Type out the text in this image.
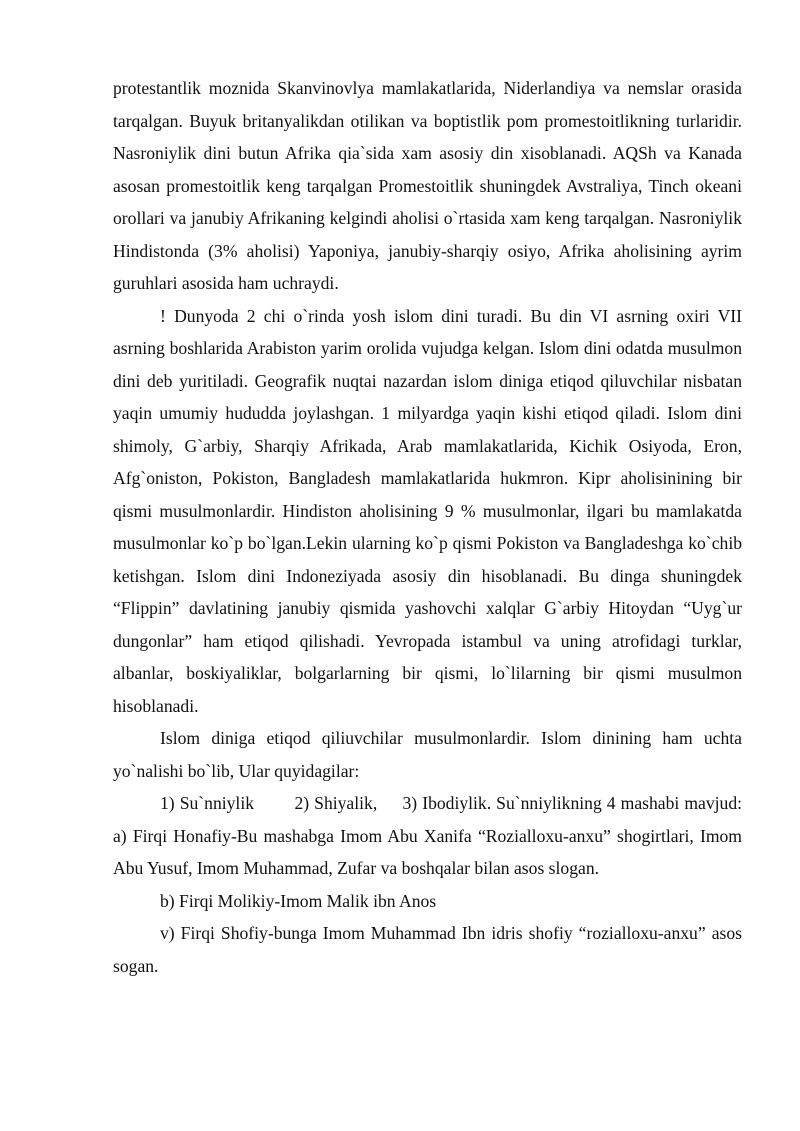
protestantlik moznida Skanvinovlya mamlakatlarida, Niderlandiya va nemslar orasida tarqalgan. Buyuk britanyalikdan otilikan va boptistlik pom promestoitlikning turlaridir. Nasroniylik dini butun Afrika qia`sida xam asosiy din xisoblanadi. AQSh va Kanada asosan promestoitlik keng tarqalgan Promestoitlik shuningdek Avstraliya, Tinch okeani orollari va janubiy Afrikaning kelgindi aholisi o`rtasida xam keng tarqalgan. Nasroniylik Hindistonda (3% aholisi) Yaponiya, janubiy-sharqiy osiyo, Afrika aholisining ayrim guruhlari asosida ham uchraydi.

! Dunyoda 2 chi o`rinda yosh islom dini turadi. Bu din VI asrning oxiri VII asrning boshlarida Arabiston yarim orolida vujudga kelgan. Islom dini odatda musulmon dini deb yuritiladi. Geografik nuqtai nazardan islom diniga etiqod qiluvchilar nisbatan yaqin umumiy hududda joylashgan. 1 milyardga yaqin kishi etiqod qiladi. Islom dini shimoly, G`arbiy, Sharqiy Afrikada, Arab mamlakatlarida, Kichik Osiyoda, Eron, Afg`oniston, Pokiston, Bangladesh mamlakatlarida hukmron. Kipr aholisinining bir qismi musulmonlardir. Hindiston aholisining 9 % musulmonlar, ilgari bu mamlakatda musulmonlar ko`p bo`lgan.Lekin ularning ko`p qismi Pokiston va Bangladeshga ko`chib ketishgan. Islom dini Indoneziyada asosiy din hisoblanadi. Bu dinga shuningdek “Flippin” davlatining janubiy qismida yashovchi xalqlar G`arbiy Hitoydan “Uyg`ur dungonlar” ham etiqod qilishadi. Yevropada istambul va uning atrofidagi turklar, albanlar, boskiyaliklar, bolgarlarning bir qismi, lo`lilarning bir qismi musulmon hisoblanadi.

Islom diniga etiqod qiliuvchilar musulmonlardir. Islom dinining ham uchta yo`nalishi bo`lib, Ular quyidagilar:

1) Su`nniylik        2) Shiyalik,     3) Ibodiylik. Su`nniylikning 4 mashabi mavjud: a) Firqi Honafiy-Bu mashabga Imom Abu Xanifa “Rozialloxu-anxu” shogirtlari, Imom Abu Yusuf, Imom Muhammad, Zufar va boshqalar bilan asos slogan.

b) Firqi Molikiy-Imom Malik ibn Anos

v) Firqi Shofiy-bunga Imom Muhammad Ibn idris shofiy “rozialloxu-anxu” asos sogan.
